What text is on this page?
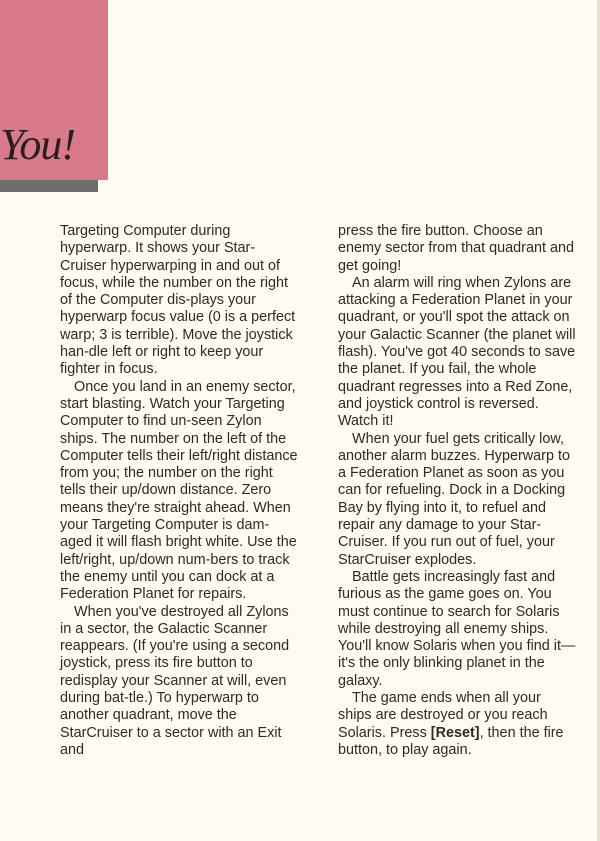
You!

Targeting Computer during hyperwarp. It shows your Star-Cruiser hyperwarping in and out of focus, while the number on the right of the Computer dis-plays your hyperwarp focus value (0 is a perfect warp; 3 is terrible). Move the joystick han-dle left or right to keep your fighter in focus.

Once you land in an enemy sector, start blasting. Watch your Targeting Computer to find un-seen Zylon ships. The number on the left of the Computer tells their left/right distance from you; the number on the right tells their up/down distance. Zero means they're straight ahead. When your Targeting Computer is dam-aged it will flash bright white. Use the left/right, up/down num-bers to track the enemy until you can dock at a Federation Planet for repairs.

When you've destroyed all Zylons in a sector, the Galactic Scanner reappears. (If you're using a second joystick, press its fire button to redisplay your Scanner at will, even during bat-tle.) To hyperwarp to another quadrant, move the StarCruiser to a sector with an Exit and

press the fire button. Choose an enemy sector from that quadrant and get going!

An alarm will ring when Zylons are attacking a Federation Planet in your quadrant, or you'll spot the attack on your Galactic Scanner (the planet will flash). You've got 40 seconds to save the planet. If you fail, the whole quadrant regresses into a Red Zone, and joystick control is reversed. Watch it!

When your fuel gets critically low, another alarm buzzes. Hyperwarp to a Federation Planet as soon as you can for refueling. Dock in a Docking Bay by flying into it, to refuel and repair any damage to your Star-Cruiser. If you run out of fuel, your StarCruiser explodes.

Battle gets increasingly fast and furious as the game goes on. You must continue to search for Solaris while destroying all enemy ships. You'll know Solaris when you find it—it's the only blinking planet in the galaxy.

The game ends when all your ships are destroyed or you reach Solaris. Press [Reset], then the fire button, to play again.
